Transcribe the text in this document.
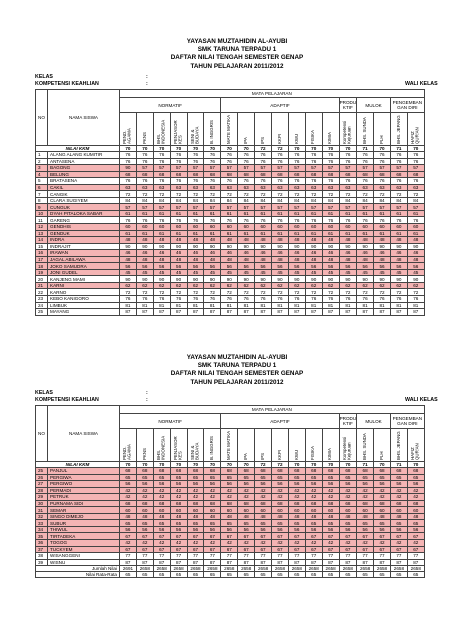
YAYASAN MUZTAHIDIN AL-AYUBI
SMK TARUNA TERPADU 1
DAFTAR NILAI TENGAH SEMESTER GENAP
TAHUN PELAJARAN 2011/2012
KELAS	:
KOMPETENSI KEAHLIAN	:	WALI KELAS
NO	NAMA SISWA	MATA PELAJARAN																	
		NORMATIF						ADAPTIF							PRODU KTIF	MULOK		PENGEMBAN GAN DIRI	
		PEND. AGAMA	PKNS	BHS. INDONESIA	PENJASOR KES	SENI & BUDAYA	B. INGGRIS	MATE MATIKA	IPA	IPS	KKPI	KWU	FISIKA	KIMIA	Kompetensi Kejuruan	BHS. SUNDA	PLH	BHS. JEPANG	HAFIZ QUR'AN
NILAI KKM		70	70	70	70	70	70	70	70	72	72	70	70	70	70	71	70	71	70
1	ALANG ALANG KUMITIR	76	76	76	76	76	76	76	76	76	76	76	76	76	76	76	76	76	76
2	ANTASENA	76	76	76	76	76	76	76	76	76	76	76	76	76	76	76	76	76	76
3	BAGONG	90	57	57	57	57	57	57	57	57	57	57	57	57	57	57	57	57	57
4	BELUNG	68	68	68	68	68	68	68	68	68	68	68	68	68	68	68	68	68	68
5	BRATASENA	76	76	76	76	76	76	76	76	76	76	76	76	76	76	76	76	76	76
6	CAKIL	63	63	63	63	63	63	63	63	63	63	63	63	63	63	63	63	63	63
7	CANGIK	72	72	72	72	72	72	72	72	72	72	72	72	72	72	72	72	72	72
8	CLARA SUGIYEM	84	84	84	84	84	84	84	84	84	84	84	84	84	84	84	84	84	84
9	CUNGUK	57	57	57	57	57	57	57	57	57	57	57	57	57	57	57	57	57	57
10	DYAH PITALOKA SABAR	61	61	61	61	61	61	61	61	61	61	61	61	61	61	61	61	61	61
11	GARENG	76	76	76	76	76	76	76	76	76	76	76	76	76	76	76	76	76	76
12	GENDHIS	60	60	60	60	60	60	60	60	60	60	60	60	60	60	60	60	60	60
13	GENDUK	61	61	61	61	61	61	61	61	61	61	61	61	61	61	61	61	61	61
14	INDRA	48	48	48	48	48	48	48	48	48	48	48	48	48	48	48	48	48	48
15	INDRAJIT	90	90	90	90	90	90	90	90	90	90	90	90	90	90	90	90	90	90
16	IRAWAN	46	46	46	46	46	46	46	46	46	46	46	46	46	46	46	46	46	46
17	JAGAL ABILAWA	48	48	48	48	48	48	48	48	48	48	48	48	48	48	48	48	48	48
18	JOKO SAMUDRA	56	56	56	56	56	56	56	56	56	56	56	56	56	56	56	56	56	56
19	JONI GUDEL	45	45	45	45	45	45	45	45	45	45	45	45	45	45	45	45	45	45
20	KANJENG MAMI	90	90	90	90	90	90	90	90	90	90	90	90	90	90	90	90	90	90
21	KARNI	62	62	62	62	62	62	62	62	62	62	62	62	62	62	62	62	62	62
22	KARNO	72	72	72	72	72	72	72	72	72	72	72	72	72	72	72	72	72	72
23	KEBO KANIGORO	76	76	76	76	76	76	76	76	76	76	76	76	76	76	76	76	76	76
24	LIMBUK	81	81	81	81	81	81	81	81	81	81	81	81	81	81	81	81	81	81
25	MAYANG	87	87	87	87	87	87	87	87	87	87	87	87	87	87	87	87	87	87
YAYASAN MUZTAHIDIN AL-AYUBI
SMK TARUNA TERPADU 1
DAFTAR NILAI TENGAH SEMESTER GENAP
TAHUN PELAJARAN 2011/2012
KELAS	:
KOMPETENSI KEAHLIAN	:	WALI KELAS
NO	NAMA SISWA	MATA PELAJARAN																	
		NORMATIF						ADAPTIF							PRODU KTIF	MULOK		PENGEMBAN GAN DIRI	
		PEND. AGAMA	PKNS	BHS. INDONESIA	PENJASOR KES	SENI & BUDAYA	B. INGGRIS	MATE MATIKA	IPA	IPS	KKPI	KWU	FISIKA	KIMIA	Kompetensi Kejuruan	BHS. SUNDA	PLH	BHS. JEPANG	HAFIZ QUR'AN
NILAI KKM		70	70	70	70	70	70	70	70	72	72	70	70	70	70	71	70	71	70
25	PANJUL	68	68	68	68	68	68	68	68	68	68	68	68	68	68	68	68	68	68
26	PERGIWA	65	65	65	65	65	65	65	65	65	65	65	65	65	65	65	65	65	65
27	PERGIWO	56	56	56	56	56	56	56	56	56	56	56	56	56	56	56	56	56	56
28	PERMADI	42	42	42	42	42	42	42	42	42	42	42	42	42	42	42	42	42	42
29	PETRUK	42	42	42	42	42	42	42	42	42	42	42	42	42	42	42	42	42	42
30	PURNAMA SIDI	68	68	68	68	68	68	68	68	68	68	68	68	68	68	68	68	68	68
31	SEMAR	60	60	60	60	60	60	60	60	60	60	60	60	60	60	60	60	60	60
32	SINGO DIMEJO	48	48	48	48	48	48	48	48	48	48	48	48	48	48	48	48	48	48
33	SUBUR	65	65	65	65	65	65	65	65	65	65	65	65	65	65	65	65	65	65
34	THIWUL	56	56	56	56	56	56	56	56	56	56	56	56	56	56	56	56	56	56
35	TIRTADEKA	67	67	67	67	67	67	67	67	67	67	67	67	67	67	67	67	67	67
36	TOGOG	42	42	42	42	42	42	42	42	42	42	42	42	42	42	42	42	42	42
37	TUCKYEM	67	67	67	67	67	67	67	67	67	67	67	67	67	67	67	67	67	67
38	WISANGGENI	77	77	77	77	77	77	77	77	77	77	77	77	77	77	77	77	77	77
39	WISNU	87	87	87	87	87	87	87	87	87	87	87	87	87	87	87	87	87	87
Jumlah Nilai		2691	2658	2658	2658	2658	2658	2658	2658	2658	2658	2658	2658	2658	2658	2658	2658	2658	2658
Nilai Rata-Rata		65	65	65	65	65	65	65	65	65	65	65	65	65	65	65	65	65	65
